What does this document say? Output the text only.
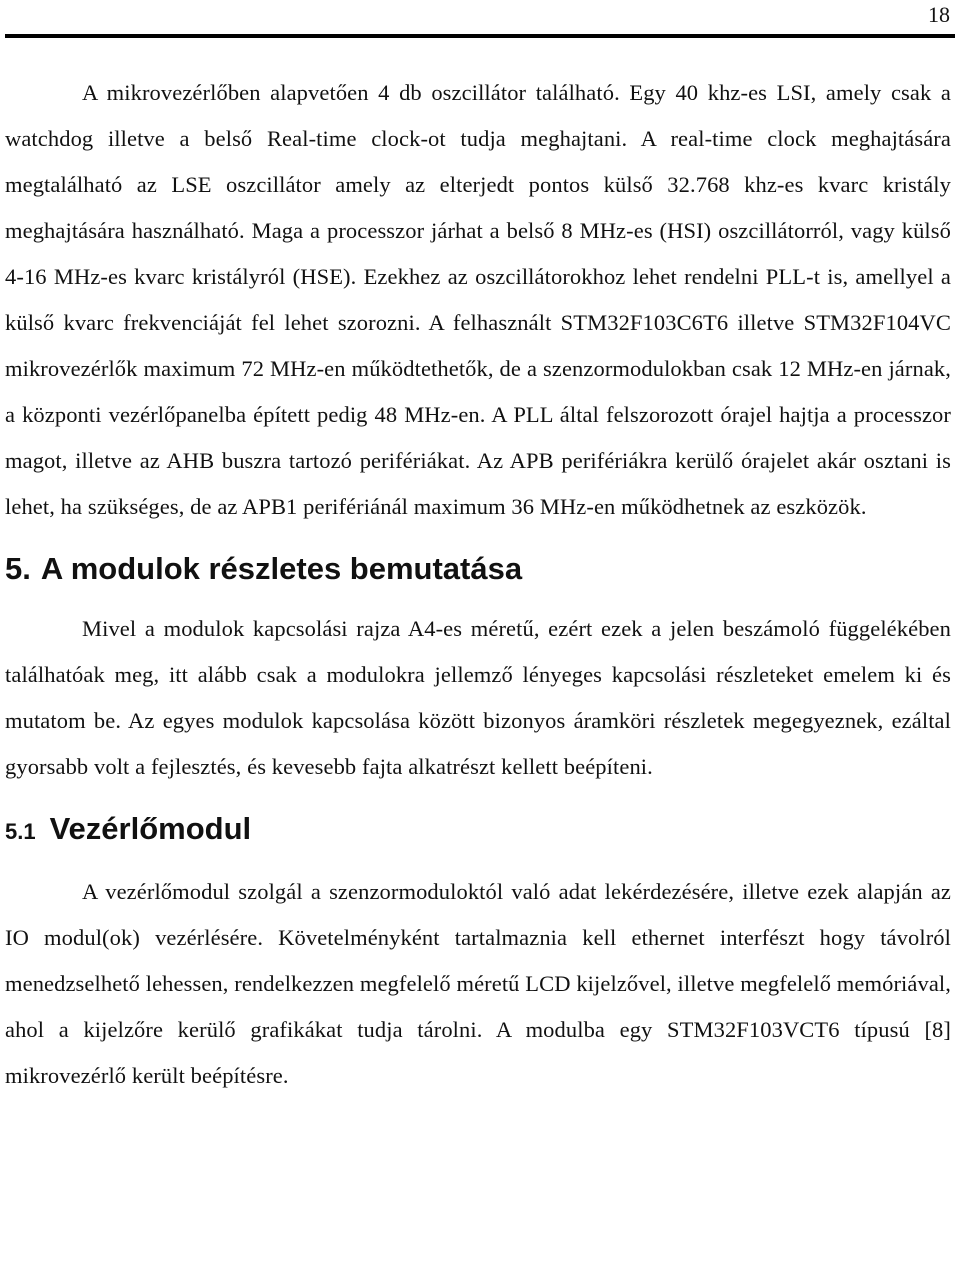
18

A mikrovezérlőben alapvetően 4 db oszcillátor található. Egy 40 khz-es LSI, amely csak a watchdog illetve a belső Real-time clock-ot tudja meghajtani. A real-time clock meghajtására megtalálható az LSE oszcillátor amely az elterjedt pontos külső 32.768 khz-es kvarc kristály meghajtására használható. Maga a processzor járhat a belső 8 MHz-es (HSI) oszcillátorról, vagy külső 4-16 MHz-es kvarc kristályról (HSE). Ezekhez az oszcillátorokhoz lehet rendelni PLL-t is, amellyel a külső kvarc frekvenciáját fel lehet szorozni. A felhasznált STM32F103C6T6 illetve STM32F104VC mikrovezérlők maximum 72 MHz-en működtethetők, de a szenzormodulokban csak 12 MHz-en járnak, a központi vezérlőpanelba épített pedig 48 MHz-en. A PLL által felszorozott órajel hajtja a processzor magot, illetve az AHB buszra tartozó perifériákat. Az APB perifériákra kerülő órajelet akár osztani is lehet, ha szükséges, de az APB1 perifériánál maximum 36 MHz-en működhetnek az eszközök.

5. A modulok részletes bemutatása

Mivel a modulok kapcsolási rajza A4-es méretű, ezért ezek a jelen beszámoló függelékében találhatóak meg, itt alább csak a modulokra jellemző lényeges kapcsolási részleteket emelem ki és mutatom be. Az egyes modulok kapcsolása között bizonyos áramköri részletek megegyeznek, ezáltal gyorsabb volt a fejlesztés, és kevesebb fajta alkatrészt kellett beépíteni.

5.1 Vezérlőmodul

A vezérlőmodul szolgál a szenzormoduloktól való adat lekérdezésére, illetve ezek alapján az IO modul(ok) vezérlésére. Követelményként tartalmaznia kell ethernet interfészt hogy távolról menedzselhető lehessen, rendelkezzen megfelelő méretű LCD kijelzővel, illetve megfelelő memóriával, ahol a kijelzőre kerülő grafikákat tudja tárolni. A modulba egy STM32F103VCT6 típusú [8] mikrovezérlő került beépítésre.
